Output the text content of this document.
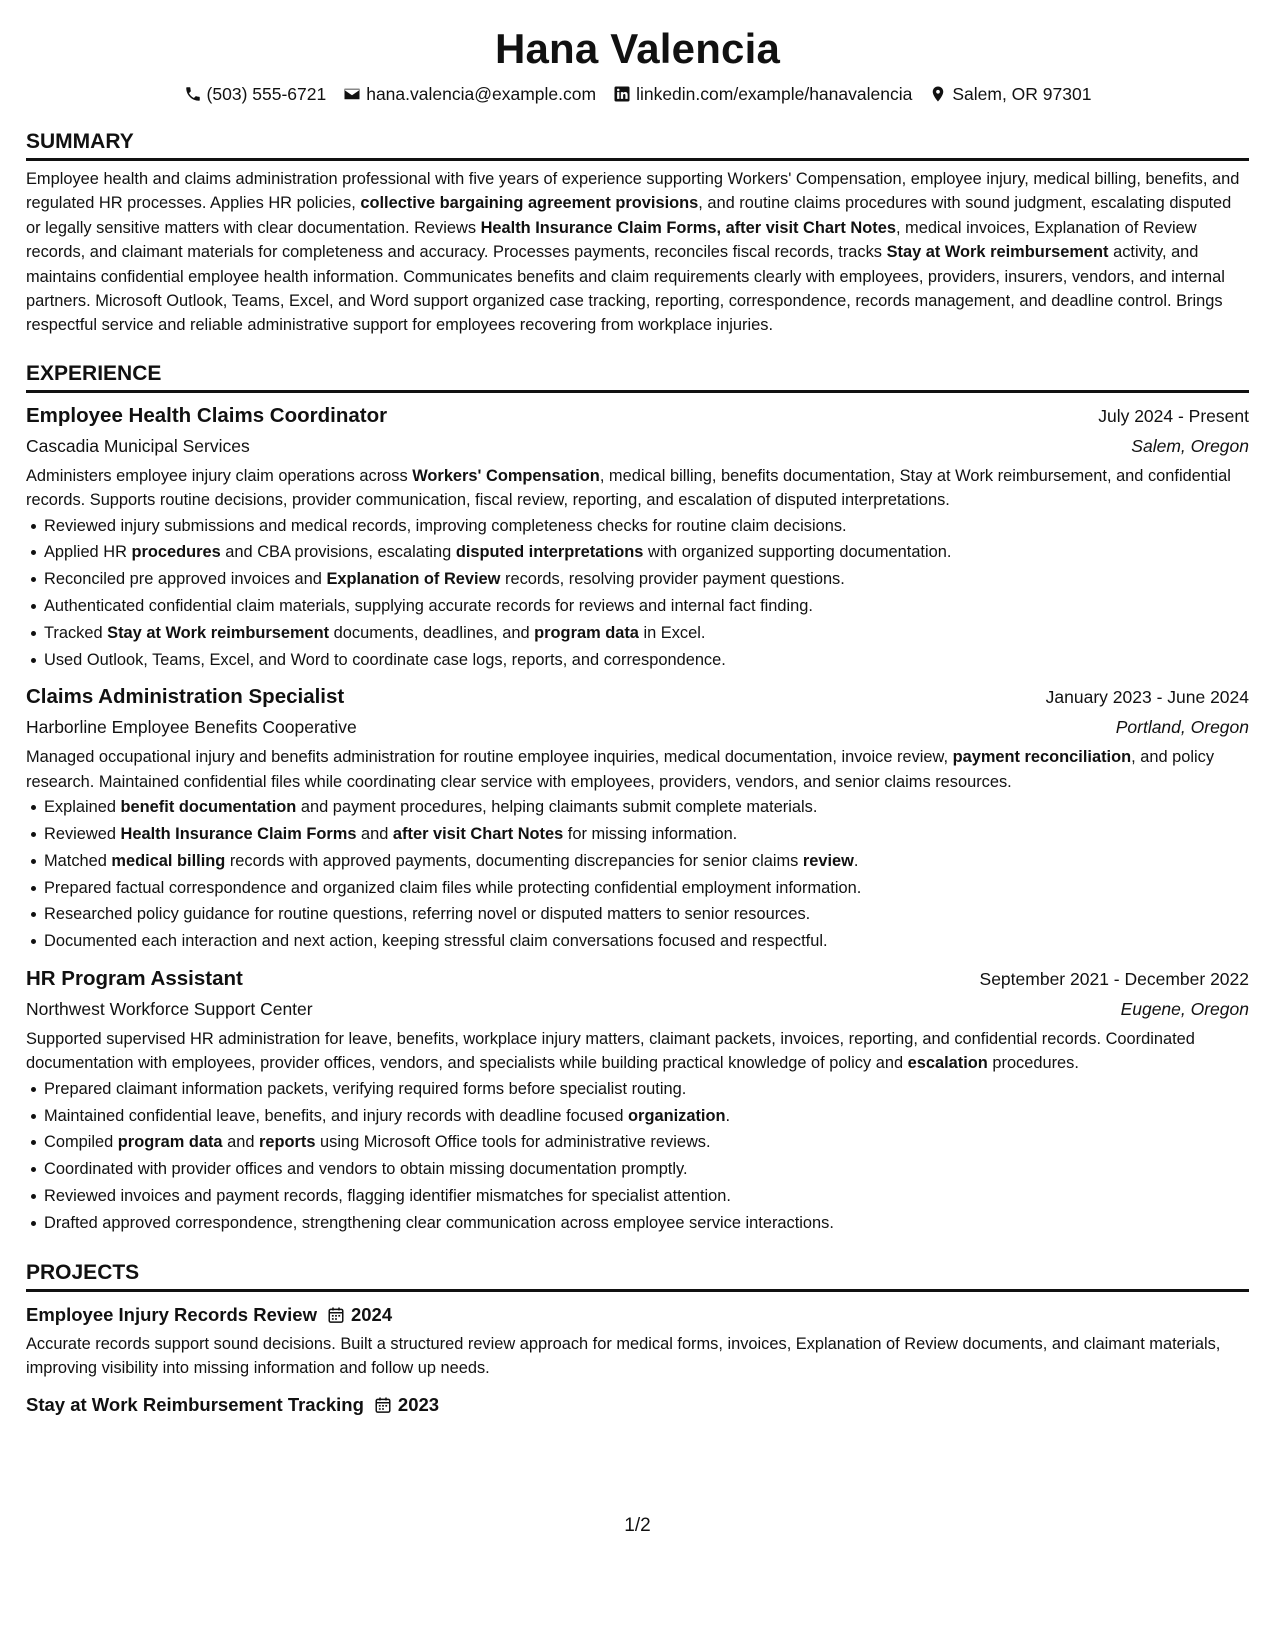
Hana Valencia
(503) 555-6721 hana.valencia@example.com linkedin.com/example/hanavalencia Salem, OR 97301
SUMMARY

Employee health and claims administration professional with five years of experience supporting Workers' Compensation, employee injury, medical billing, benefits, and regulated HR processes. Applies HR policies, collective bargaining agreement provisions, and routine claims procedures with sound judgment, escalating disputed or legally sensitive matters with clear documentation. Reviews Health Insurance Claim Forms, after visit Chart Notes, medical invoices, Explanation of Review records, and claimant materials for completeness and accuracy. Processes payments, reconciles fiscal records, tracks Stay at Work reimbursement activity, and maintains confidential employee health information. Communicates benefits and claim requirements clearly with employees, providers, insurers, vendors, and internal partners. Microsoft Outlook, Teams, Excel, and Word support organized case tracking, reporting, correspondence, records management, and deadline control. Brings respectful service and reliable administrative support for employees recovering from workplace injuries.

EXPERIENCE
Employee Health Claims Coordinator	July 2024 - Present
Cascadia Municipal Services	Salem, Oregon

Administers employee injury claim operations across Workers' Compensation, medical billing, benefits documentation, Stay at Work reimbursement, and confidential records. Supports routine decisions, provider communication, fiscal review, reporting, and escalation of disputed interpretations.

Reviewed injury submissions and medical records, improving completeness checks for routine claim decisions.
Applied HR procedures and CBA provisions, escalating disputed interpretations with organized supporting documentation.
Reconciled pre approved invoices and Explanation of Review records, resolving provider payment questions.
Authenticated confidential claim materials, supplying accurate records for reviews and internal fact finding.
Tracked Stay at Work reimbursement documents, deadlines, and program data in Excel.
Used Outlook, Teams, Excel, and Word to coordinate case logs, reports, and correspondence.
Claims Administration Specialist	January 2023 - June 2024
Harborline Employee Benefits Cooperative	Portland, Oregon

Managed occupational injury and benefits administration for routine employee inquiries, medical documentation, invoice review, payment reconciliation, and policy research. Maintained confidential files while coordinating clear service with employees, providers, vendors, and senior claims resources.

Explained benefit documentation and payment procedures, helping claimants submit complete materials.
Reviewed Health Insurance Claim Forms and after visit Chart Notes for missing information.
Matched medical billing records with approved payments, documenting discrepancies for senior claims review.
Prepared factual correspondence and organized claim files while protecting confidential employment information.
Researched policy guidance for routine questions, referring novel or disputed matters to senior resources.
Documented each interaction and next action, keeping stressful claim conversations focused and respectful.
HR Program Assistant	September 2021 - December 2022
Northwest Workforce Support Center	Eugene, Oregon

Supported supervised HR administration for leave, benefits, workplace injury matters, claimant packets, invoices, reporting, and confidential records. Coordinated documentation with employees, provider offices, vendors, and specialists while building practical knowledge of policy and escalation procedures.

Prepared claimant information packets, verifying required forms before specialist routing.
Maintained confidential leave, benefits, and injury records with deadline focused organization.
Compiled program data and reports using Microsoft Office tools for administrative reviews.
Coordinated with provider offices and vendors to obtain missing documentation promptly.
Reviewed invoices and payment records, flagging identifier mismatches for specialist attention.
Drafted approved correspondence, strengthening clear communication across employee service interactions.
PROJECTS
Employee Injury Records Review 2024

Accurate records support sound decisions. Built a structured review approach for medical forms, invoices, Explanation of Review documents, and claimant materials, improving visibility into missing information and follow up needs.

Stay at Work Reimbursement Tracking 2023
1/2
